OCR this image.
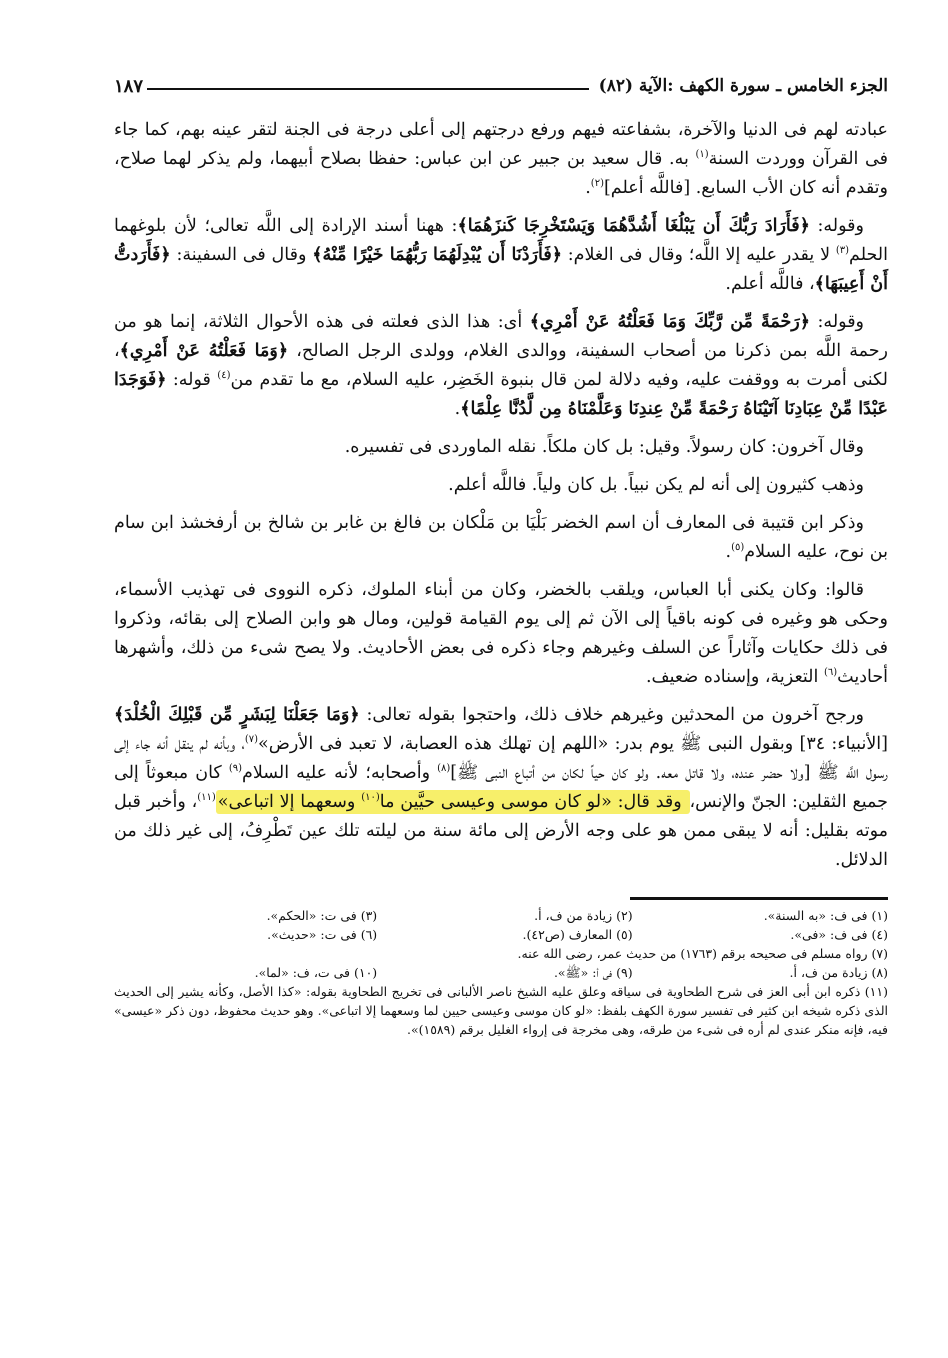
الجزء الخامس ـ سورة الكهف :الآية (٨٢)
١٨٧

عبادته لهم فى الدنيا والآخرة، بشفاعته فيهم ورفع درجتهم إلى أعلى درجة فى الجنة لتقر عينه بهم، كما جاء فى القرآن ووردت السنة$^{(١)}$ به. قال سعيد بن جبير عن ابن عباس: حفظا بصلاح أبيهما، ولم يذكر لهما صلاح، وتقدم أنه كان الأب السابع. [فاللَّه أعلم]$^{(٢)}$.

وقوله: ﴿فَأَرَادَ رَبُّكَ أَن يَبْلُغَا أَشُدَّهُمَا وَيَسْتَخْرِجَا كَنزَهُمَا﴾: ههنا أسند الإرادة إلى اللَّه تعالى؛ لأن بلوغهما الحلم$^{(٣)}$ لا يقدر عليه إلا اللَّه؛ وقال فى الغلام: ﴿فَأَرَدْنَا أَن يُبْدِلَهُمَا رَبُّهُمَا خَيْرًا مِّنْهُ﴾ وقال فى السفينة: ﴿فَأَرَدتُّ أَنْ أَعِيبَهَا﴾، فاللَّه أعلم.

وقوله: ﴿رَحْمَةً مِّن رَّبِّكَ وَمَا فَعَلْتُهُ عَنْ أَمْرِي﴾ أى: هذا الذى فعلته فى هذه الأحوال الثلاثة، إنما هو من رحمة اللَّه بمن ذكرنا من أصحاب السفينة، ووالدى الغلام، وولدى الرجل الصالح، ﴿وَمَا فَعَلْتُهُ عَنْ أَمْرِي﴾، لكنى أمرت به ووقفت عليه، وفيه دلالة لمن قال بنبوة الخَضِر، عليه السلام، مع ما تقدم من$^{(٤)}$ قوله: ﴿فَوَجَدَا عَبْدًا مِّنْ عِبَادِنَا آتَيْنَاهُ رَحْمَةً مِّنْ عِندِنَا وَعَلَّمْنَاهُ مِن لَّدُنَّا عِلْمًا﴾.

وقال آخرون: كان رسولاً. وقيل: بل كان ملكاً. نقله الماوردى فى تفسيره.

وذهب كثيرون إلى أنه لم يكن نبياً. بل كان ولياً. فاللَّه أعلم.

وذكر ابن قتيبة فى المعارف أن اسم الخضر بَلْيَا بن مَلْكان بن فالغ بن غابر بن شالخ بن أرفخشذ ابن سام بن نوح، عليه السلام$^{(٥)}$.

قالوا: وكان يكنى أبا العباس، ويلقب بالخضر، وكان من أبناء الملوك، ذكره النووى فى تهذيب الأسماء، وحكى هو وغيره فى كونه باقياً إلى الآن ثم إلى يوم القيامة قولين، ومال هو وابن الصلاح إلى بقائه، وذكروا فى ذلك حكايات وآثاراً عن السلف وغيرهم وجاء ذكره فى بعض الأحاديث. ولا يصح شىء من ذلك، وأشهرها أحاديث$^{(٦)}$ التعزية، وإسناده ضعيف.

ورجح آخرون من المحدثين وغيرهم خلاف ذلك، واحتجوا بقوله تعالى: ﴿وَمَا جَعَلْنَا لِبَشَرٍ مِّن قَبْلِكَ الْخُلْدَ﴾ [الأنبياء: ٣٤] وبقول النبى ﷺ يوم بدر: «اللهم إن تهلك هذه العصابة، لا تعبد فى الأرض»$^{(٧)}$، وبأنه لم ينقل أنه جاء إلى رسول اللَّه ﷺ [ولا حضر عنده، ولا قاتل معه. ولو كان حياً لكان من أتباع النبى ﷺ]$^{(٨)}$ وأصحابه؛ لأنه عليه السلام$^{(٩)}$ كان مبعوثاً إلى جميع الثقلين: الجنّ والإنس، وقد قال: «لو كان موسى وعيسى حيَّين ما$^{(١٠)}$ وسعهما إلا اتباعى»$^{(١١)}$، وأخبر قبل موته بقليل: أنه لا يبقى ممن هو على وجه الأرض إلى مائة سنة من ليلته تلك عين تَطْرِفُ، إلى غير ذلك من الدلائل.

(١) فى ف: «به السنة».
(٢) زيادة من ف، أ.
(٣) فى ت: «الحكم».
(٤) فى ف: «فى».
(٥) المعارف (ص٤٢).
(٦) فى ت: «حديث».
(٧) رواه مسلم فى صحيحه برقم (١٧٦٣) من حديث عمر، رضى الله عنه.
(٨) زيادة من ف، أ.
(٩) فى أ: «ﷺ».
(١٠) فى ت، ف: «لما».
(١١) ذكره ابن أبى العز فى شرح الطحاوية فى سياقه وعلق عليه الشيخ ناصر الألبانى فى تخريج الطحاوية بقوله: «كذا الأصل، وكأنه يشير إلى الحديث الذى ذكره شيخه ابن كثير فى تفسير سورة الكهف بلفظ: «لو كان موسى وعيسى حيين لما وسعهما إلا اتباعى». وهو حديث محفوظ، دون ذكر «عيسى» فيه، فإنه منكر عندى لم أره فى شىء من طرقه، وهى مخرجة فى إرواء الغليل برقم (١٥٨٩)».
